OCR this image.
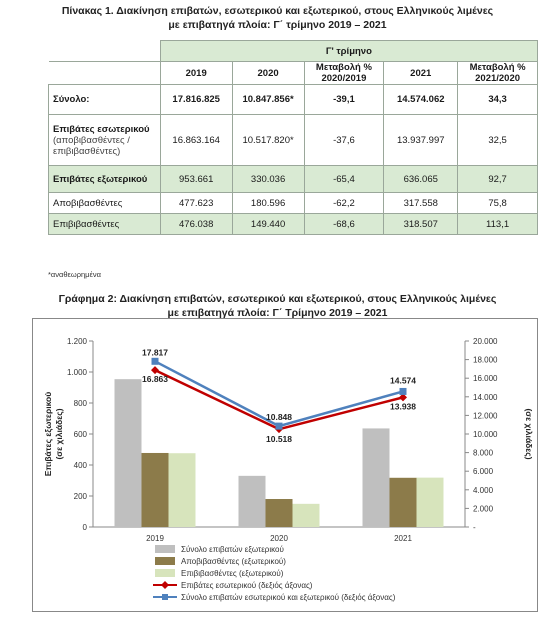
Πίνακας 1. Διακίνηση επιβατών, εσωτερικού και εξωτερικού, στους Ελληνικούς λιμένες
με επιβατηγά πλοία: Γ΄ τρίμηνο 2019 – 2021
	Γ' τρίμηνο				
	2019	2020	Μεταβολή % 2020/2019	2021	Μεταβολή % 2021/2020
Σύνολο:	17.816.825	10.847.856*	-39,1	14.574.062	34,3

Επιβάτες εσωτερικού
(αποβιβασθέντες / επιβιβασθέντες)	16.863.164	10.517.820*	-37,6	13.937.997	32,5
Επιβάτες εξωτερικού	953.661	330.036	-65,4	636.065	92,7
Αποβιβασθέντες	477.623	180.596	-62,2	317.558	75,8
Επιβιβασθέντες	476.038	149.440	-68,6	318.507	113,1
*αναθεωρημένα
Γράφημα 2: Διακίνηση επιβατών, εσωτερικού και εξωτερικού, στους Ελληνικούς λιμένες
με επιβατηγά πλοία: Γ΄ Τρίμηνο 2019 – 2021
0
200
400
600
800
1.000
1.200
-
2.000
4.000
6.000
8.000
10.000
12.000
14.000
16.000
18.000
20.000
Επιβάτες εξωτερικού(σε χιλιάδες)	(σε χιλιάδες)
2019	2020	2021
16.863
10.518
13.938
17.817
10.848
14.574
Σύνολο επιβατών εξωτερικού
Αποβιβασθέντες (εξωτερικού)
Επιβιβασθέντες (εξωτερικού)
Επιβάτες εσωτερικού (δεξιός άξονας)
Σύνολο επιβατών εσωτερικού και εξωτερικού (δεξιός άξονας)
